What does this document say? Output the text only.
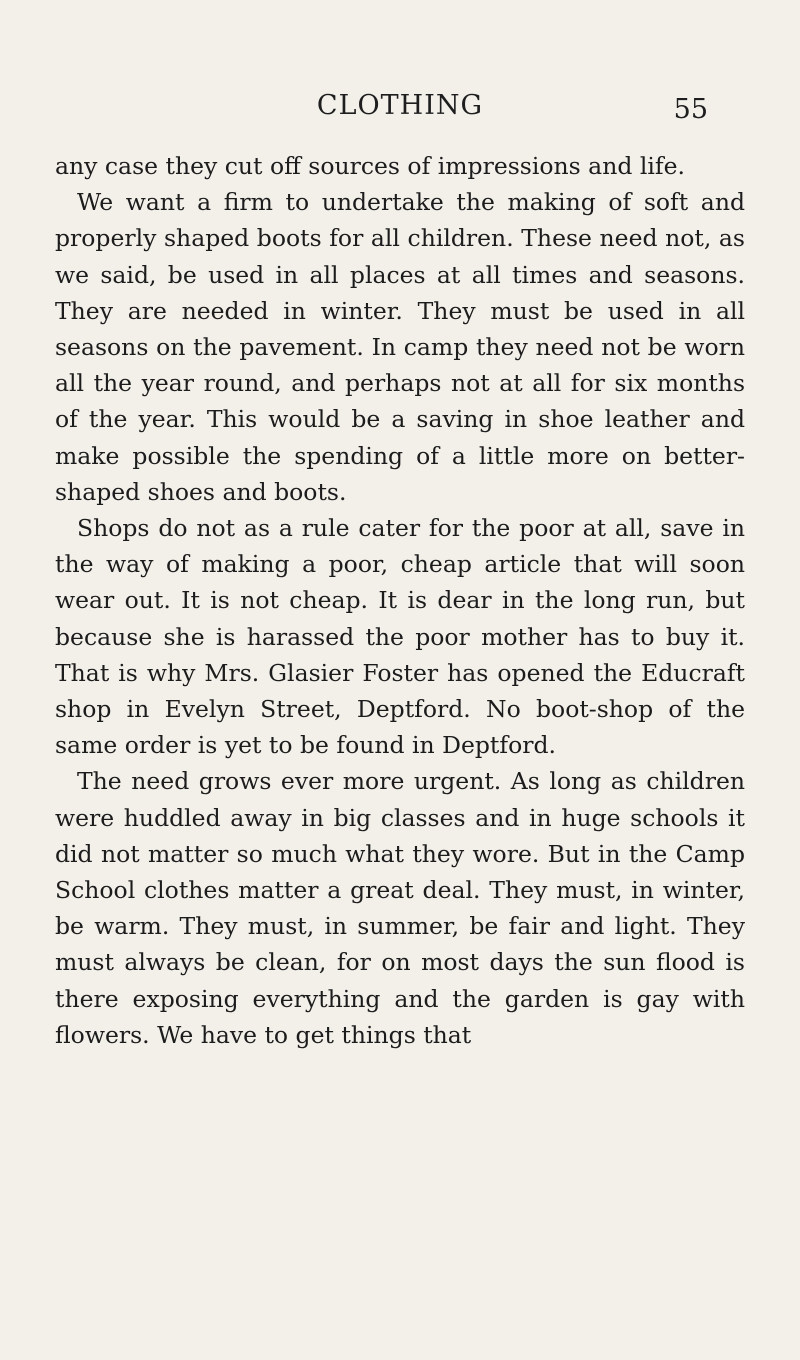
CLOTHING	55

any case they cut off sources of impressions and life.

We want a firm to undertake the making of soft and properly shaped boots for all children. These need not, as we said, be used in all places at all times and seasons. They are needed in winter. They must be used in all seasons on the pavement. In camp they need not be worn all the year round, and perhaps not at all for six months of the year. This would be a saving in shoe leather and make possible the spending of a little more on better-shaped shoes and boots.

Shops do not as a rule cater for the poor at all, save in the way of making a poor, cheap article that will soon wear out. It is not cheap. It is dear in the long run, but because she is harassed the poor mother has to buy it. That is why Mrs. Glasier Foster has opened the Educraft shop in Evelyn Street, Deptford. No boot-shop of the same order is yet to be found in Deptford.

The need grows ever more urgent. As long as children were huddled away in big classes and in huge schools it did not matter so much what they wore. But in the Camp School clothes matter a great deal. They must, in winter, be warm. They must, in summer, be fair and light. They must always be clean, for on most days the sun flood is there exposing everything and the garden is gay with flowers. We have to get things that
